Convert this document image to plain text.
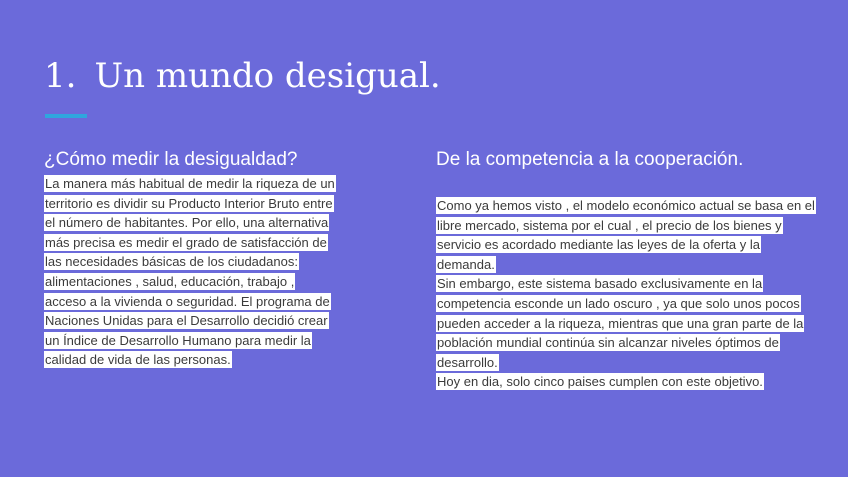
1. Un mundo desigual.
¿Cómo medir la desigualdad?
La manera más habitual de medir la riqueza de un territorio es dividir su Producto Interior Bruto entre el número de habitantes. Por ello, una alternativa más precisa es medir el grado de satisfacción de las necesidades básicas de los ciudadanos: alimentaciones , salud, educación, trabajo , acceso a la vivienda o seguridad. El programa de Naciones Unidas para el Desarrollo decidió crear un Índice de Desarrollo Humano para medir la calidad de vida de las personas.
De la competencia a la cooperación.

Como ya hemos visto , el modelo económico actual se basa en el libre mercado, sistema por el cual , el precio de los bienes y servicio es acordado mediante las leyes de la oferta y la demanda.

Sin embargo, este sistema basado exclusivamente en la competencia esconde un lado oscuro , ya que solo unos pocos pueden acceder a la riqueza, mientras que una gran parte de la población mundial continúa sin alcanzar niveles óptimos de desarrollo.

Hoy en dia, solo cinco paises cumplen con este objetivo.
